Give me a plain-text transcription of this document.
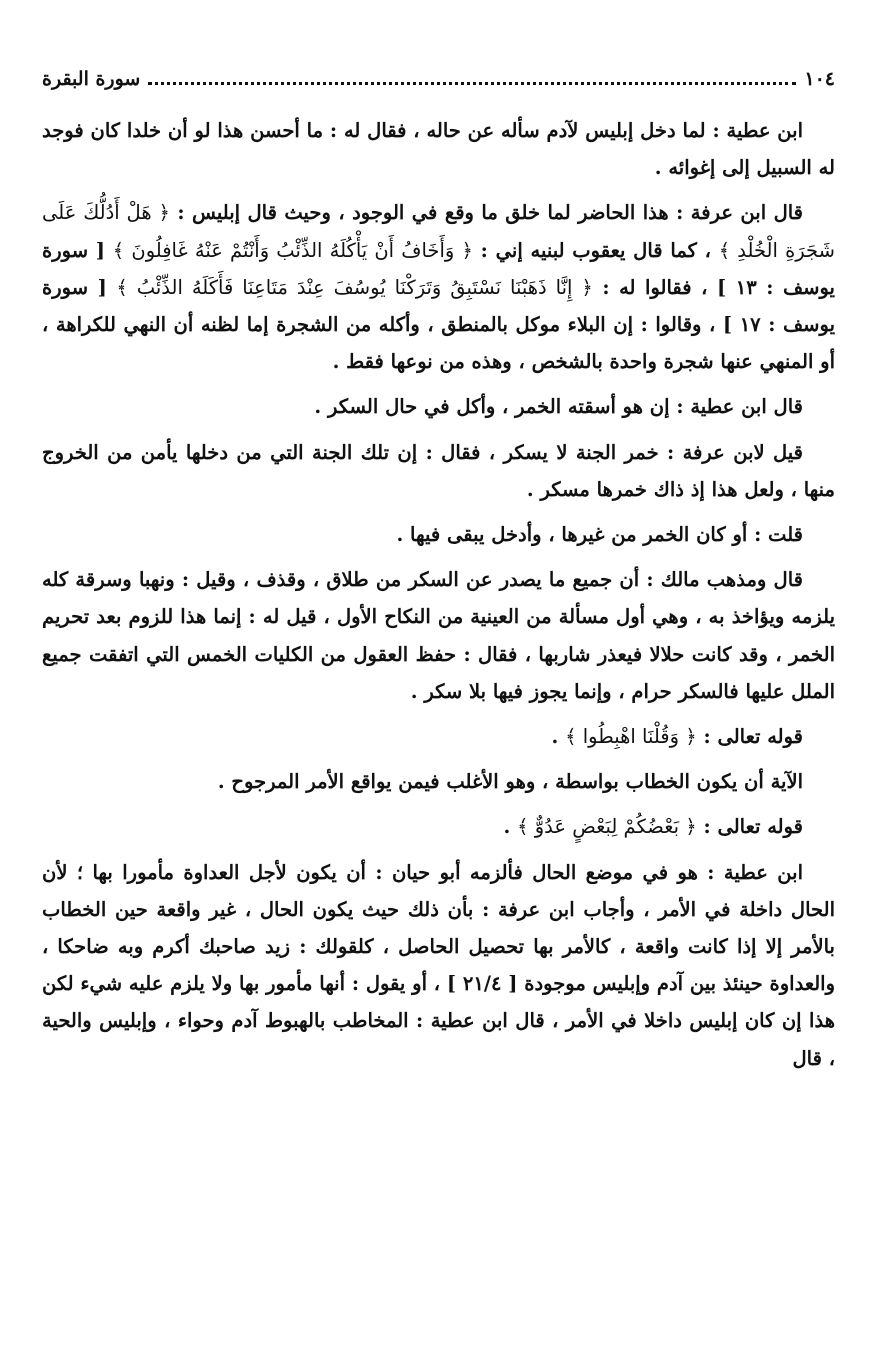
١٠٤
سورة البقرة

ابن عطية : لما دخل إبليس لآدم سأله عن حاله ، فقال له : ما أحسن هذا لو أن خلدا كان فوجد له السبيل إلى إغوائه .

قال ابن عرفة : هذا الحاضر لما خلق ما وقع في الوجود ، وحيث قال إبليس : ﴿ هَلْ أَدُلُّكَ عَلَى شَجَرَةِ الْخُلْدِ ﴾ ، كما قال يعقوب لبنيه إني : ﴿ وَأَخَافُ أَنْ يَأْكُلَهُ الذِّئْبُ وَأَنْتُمْ عَنْهُ غَافِلُونَ ﴾ [ سورة يوسف : ١٣ ] ، فقالوا له : ﴿ إِنَّا ذَهَبْنَا نَسْتَبِقُ وَتَرَكْنَا يُوسُفَ عِنْدَ مَتَاعِنَا فَأَكَلَهُ الذِّئْبُ ﴾ [ سورة يوسف : ١٧ ] ، وقالوا : إن البلاء موكل بالمنطق ، وأكله من الشجرة إما لظنه أن النهي للكراهة ، أو المنهي عنها شجرة واحدة بالشخص ، وهذه من نوعها فقط .

قال ابن عطية : إن هو أسقته الخمر ، وأكل في حال السكر .

قيل لابن عرفة : خمر الجنة لا يسكر ، فقال : إن تلك الجنة التي من دخلها يأمن من الخروج منها ، ولعل هذا إذ ذاك خمرها مسكر .

قلت : أو كان الخمر من غيرها ، وأدخل يبقى فيها .

قال ومذهب مالك : أن جميع ما يصدر عن السكر من طلاق ، وقذف ، وقيل : ونهبا وسرقة كله يلزمه ويؤاخذ به ، وهي أول مسألة من العينية من النكاح الأول ، قيل له : إنما هذا للزوم بعد تحريم الخمر ، وقد كانت حلالا فيعذر شاربها ، فقال : حفظ العقول من الكليات الخمس التي اتفقت جميع الملل عليها فالسكر حرام ، وإنما يجوز فيها بلا سكر .

قوله تعالى : ﴿ وَقُلْنَا اهْبِطُوا ﴾ .

الآية أن يكون الخطاب بواسطة ، وهو الأغلب فيمن يواقع الأمر المرجوح .

قوله تعالى : ﴿ بَعْضُكُمْ لِبَعْضٍ عَدُوٌّ ﴾ .

ابن عطية : هو في موضع الحال فألزمه أبو حيان : أن يكون لأجل العداوة مأمورا بها ؛ لأن الحال داخلة في الأمر ، وأجاب ابن عرفة : بأن ذلك حيث يكون الحال ، غير واقعة حين الخطاب بالأمر إلا إذا كانت واقعة ، كالأمر بها تحصيل الحاصل ، كلقولك : زيد صاحبك أكرم وبه ضاحكا ، والعداوة حينئذ بين آدم وإبليس موجودة [ ٢١/٤ ] ، أو يقول : أنها مأمور بها ولا يلزم عليه شيء لكن هذا إن كان إبليس داخلا في الأمر ، قال ابن عطية : المخاطب بالهبوط آدم وحواء ، وإبليس والحية ، قال
